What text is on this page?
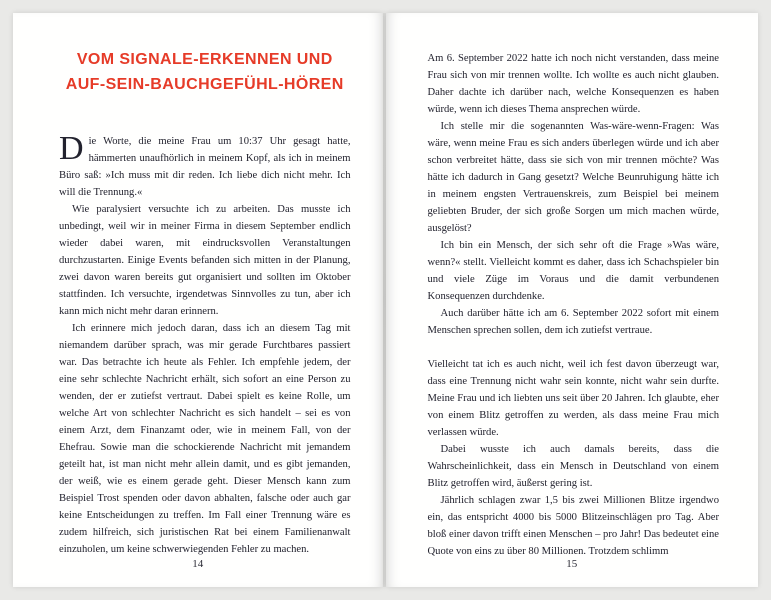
VOM SIGNALE-ERKENNEN UND
AUF-SEIN-BAUCHGEFÜHL-HÖREN

Die Worte, die meine Frau um 10:37 Uhr gesagt hatte, hämmerten unaufhörlich in meinem Kopf, als ich in meinem Büro saß: »Ich muss mit dir reden. Ich liebe dich nicht mehr. Ich will die Trennung.«

Wie paralysiert versuchte ich zu arbeiten. Das musste ich unbedingt, weil wir in meiner Firma in diesem September endlich wieder dabei waren, mit eindrucksvollen Veranstaltungen durchzustarten. Einige Events befanden sich mitten in der Planung, zwei davon waren bereits gut organisiert und sollten im Oktober stattfinden. Ich versuchte, irgendetwas Sinnvolles zu tun, aber ich kann mich nicht mehr daran erinnern.

Ich erinnere mich jedoch daran, dass ich an diesem Tag mit niemandem darüber sprach, was mir gerade Furchtbares passiert war. Das betrachte ich heute als Fehler. Ich empfehle jedem, der eine sehr schlechte Nachricht erhält, sich sofort an eine Person zu wenden, der er zutiefst vertraut. Dabei spielt es keine Rolle, um welche Art von schlechter Nachricht es sich handelt – sei es von einem Arzt, dem Finanzamt oder, wie in meinem Fall, von der Ehefrau. Sowie man die schockierende Nachricht mit jemandem geteilt hat, ist man nicht mehr allein damit, und es gibt jemanden, der weiß, wie es einem gerade geht. Dieser Mensch kann zum Beispiel Trost spenden oder davon abhalten, falsche oder auch gar keine Entscheidungen zu treffen. Im Fall einer Trennung wäre es zudem hilfreich, sich juristischen Rat bei einem Familienanwalt einzuholen, um keine schwerwiegenden Fehler zu machen.

14

Am 6. September 2022 hatte ich noch nicht verstanden, dass meine Frau sich von mir trennen wollte. Ich wollte es auch nicht glauben. Daher dachte ich darüber nach, welche Konsequenzen es haben würde, wenn ich dieses Thema ansprechen würde.

Ich stelle mir die sogenannten Was-wäre-wenn-Fragen: Was wäre, wenn meine Frau es sich anders überlegen würde und ich aber schon verbreitet hätte, dass sie sich von mir trennen möchte? Was hätte ich dadurch in Gang gesetzt? Welche Beunruhigung hätte ich in meinem engsten Vertrauenskreis, zum Beispiel bei meinem geliebten Bruder, der sich große Sorgen um mich machen würde, ausgelöst?

Ich bin ein Mensch, der sich sehr oft die Frage »Was wäre, wenn?« stellt. Vielleicht kommt es daher, dass ich Schachspieler bin und viele Züge im Voraus und die damit verbundenen Konsequenzen durchdenke.

Auch darüber hätte ich am 6. September 2022 sofort mit einem Menschen sprechen sollen, dem ich zutiefst vertraue.

Vielleicht tat ich es auch nicht, weil ich fest davon überzeugt war, dass eine Trennung nicht wahr sein konnte, nicht wahr sein durfte. Meine Frau und ich liebten uns seit über 20 Jahren. Ich glaubte, eher von einem Blitz getroffen zu werden, als dass meine Frau mich verlassen würde.

Dabei wusste ich auch damals bereits, dass die Wahrscheinlichkeit, dass ein Mensch in Deutschland von einem Blitz getroffen wird, äußerst gering ist.

Jährlich schlagen zwar 1,5 bis zwei Millionen Blitze irgendwo ein, das entspricht 4000 bis 5000 Blitzeinschlägen pro Tag. Aber bloß einer davon trifft einen Menschen – pro Jahr! Das bedeutet eine Quote von eins zu über 80 Millionen. Trotzdem schlimm

15
